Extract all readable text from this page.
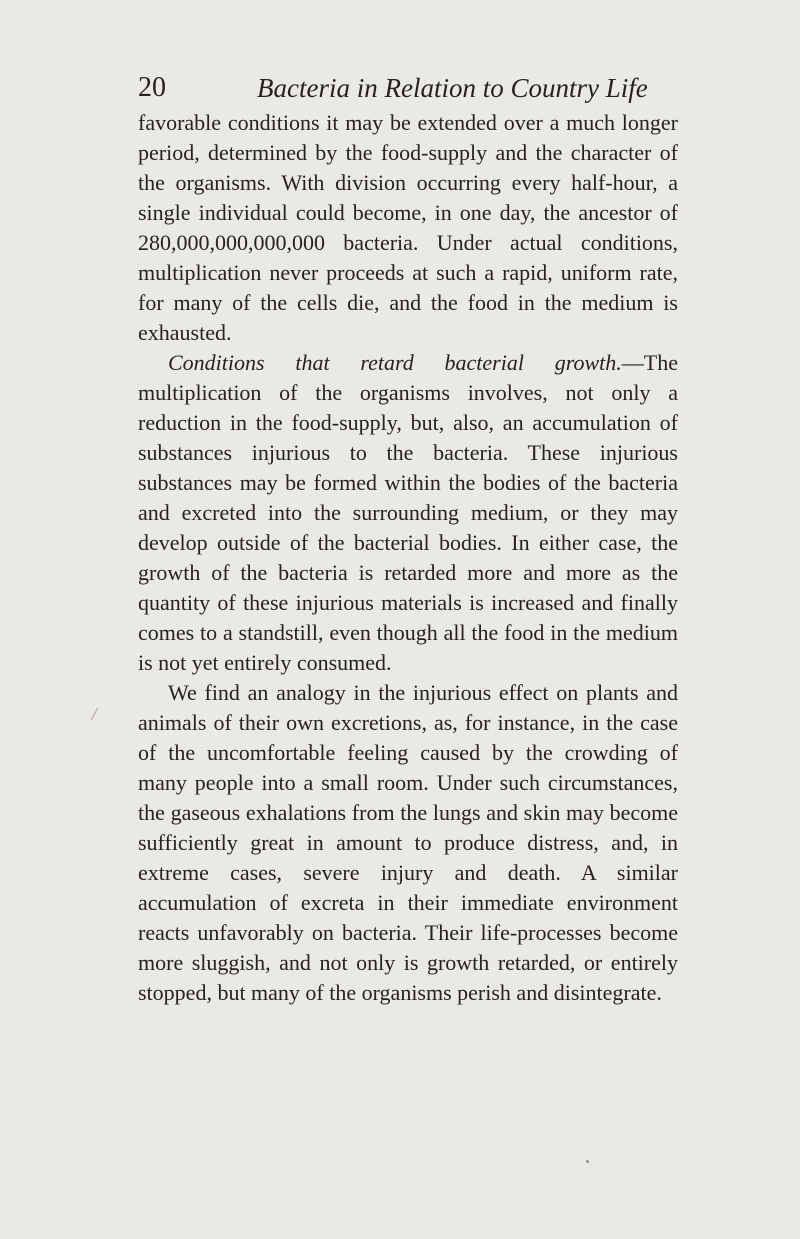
20	Bacteria in Relation to Country Life

favorable conditions it may be extended over a much longer period, determined by the food-supply and the character of the organisms. With division occurring every half-hour, a single individual could become, in one day, the ancestor of 280,000,000,000,000 bacteria. Under actual conditions, multiplication never proceeds at such a rapid, uniform rate, for many of the cells die, and the food in the medium is exhausted.

Conditions that retard bacterial growth.—The multiplication of the organisms involves, not only a reduction in the food-supply, but, also, an accumulation of substances injurious to the bacteria. These injurious substances may be formed within the bodies of the bacteria and excreted into the surrounding medium, or they may develop outside of the bacterial bodies. In either case, the growth of the bacteria is retarded more and more as the quantity of these injurious materials is increased and finally comes to a standstill, even though all the food in the medium is not yet entirely consumed.

We find an analogy in the injurious effect on plants and animals of their own excretions, as, for instance, in the case of the uncomfortable feeling caused by the crowding of many people into a small room. Under such circumstances, the gaseous exhalations from the lungs and skin may become sufficiently great in amount to produce distress, and, in extreme cases, severe injury and death. A similar accumulation of excreta in their immediate environment reacts unfavorably on bacteria. Their life-processes become more sluggish, and not only is growth retarded, or entirely stopped, but many of the organisms perish and disintegrate.
